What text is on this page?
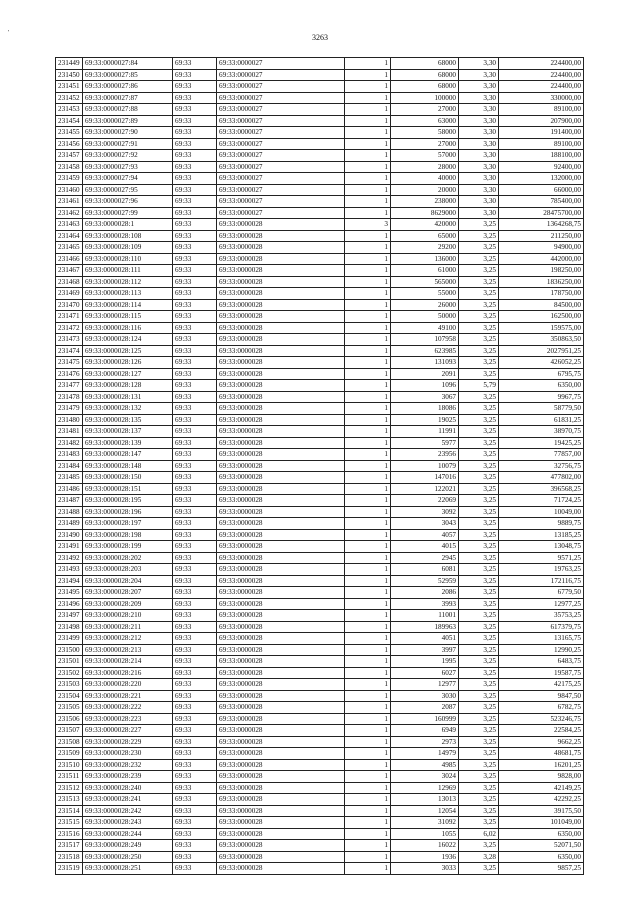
'	3263
231449	69:33:0000027:84	69:33	69:33:0000027	1	68000	3,30	224400,00
231450	69:33:0000027:85	69:33	69:33:0000027	1	68000	3,30	224400,00
231451	69:33:0000027:86	69:33	69:33:0000027	1	68000	3,30	224400,00
231452	69:33:0000027:87	69:33	69:33:0000027	1	100000	3,30	330000,00
231453	69:33:0000027:88	69:33	69:33:0000027	1	27000	3,30	89100,00
231454	69:33:0000027:89	69:33	69:33:0000027	1	63000	3,30	207900,00
231455	69:33:0000027:90	69:33	69:33:0000027	1	58000	3,30	191400,00
231456	69:33:0000027:91	69:33	69:33:0000027	1	27000	3,30	89100,00
231457	69:33:0000027:92	69:33	69:33:0000027	1	57000	3,30	188100,00
231458	69:33:0000027:93	69:33	69:33:0000027	1	28000	3,30	92400,00
231459	69:33:0000027:94	69:33	69:33:0000027	1	40000	3,30	132000,00
231460	69:33:0000027:95	69:33	69:33:0000027	1	20000	3,30	66000,00
231461	69:33:0000027:96	69:33	69:33:0000027	1	238000	3,30	785400,00
231462	69:33:0000027:99	69:33	69:33:0000027	1	8629000	3,30	28475700,00
231463	69:33:0000028:1	69:33	69:33:0000028	3	420000	3,25	1364268,75
231464	69:33:0000028:108	69:33	69:33:0000028	1	65000	3,25	211250,00
231465	69:33:0000028:109	69:33	69:33:0000028	1	29200	3,25	94900,00
231466	69:33:0000028:110	69:33	69:33:0000028	1	136000	3,25	442000,00
231467	69:33:0000028:111	69:33	69:33:0000028	1	61000	3,25	198250,00
231468	69:33:0000028:112	69:33	69:33:0000028	1	565000	3,25	1836250,00
231469	69:33:0000028:113	69:33	69:33:0000028	1	55000	3,25	178750,00
231470	69:33:0000028:114	69:33	69:33:0000028	1	26000	3,25	84500,00
231471	69:33:0000028:115	69:33	69:33:0000028	1	50000	3,25	162500,00
231472	69:33:0000028:116	69:33	69:33:0000028	1	49100	3,25	159575,00
231473	69:33:0000028:124	69:33	69:33:0000028	1	107958	3,25	350863,50
231474	69:33:0000028:125	69:33	69:33:0000028	1	623985	3,25	2027951,25
231475	69:33:0000028:126	69:33	69:33:0000028	1	131093	3,25	426052,25
231476	69:33:0000028:127	69:33	69:33:0000028	1	2091	3,25	6795,75
231477	69:33:0000028:128	69:33	69:33:0000028	1	1096	5,79	6350,00
231478	69:33:0000028:131	69:33	69:33:0000028	1	3067	3,25	9967,75
231479	69:33:0000028:132	69:33	69:33:0000028	1	18086	3,25	58779,50
231480	69:33:0000028:135	69:33	69:33:0000028	1	19025	3,25	61831,25
231481	69:33:0000028:137	69:33	69:33:0000028	1	11991	3,25	38970,75
231482	69:33:0000028:139	69:33	69:33:0000028	1	5977	3,25	19425,25
231483	69:33:0000028:147	69:33	69:33:0000028	1	23956	3,25	77857,00
231484	69:33:0000028:148	69:33	69:33:0000028	1	10079	3,25	32756,75
231485	69:33:0000028:150	69:33	69:33:0000028	1	147016	3,25	477802,00
231486	69:33:0000028:151	69:33	69:33:0000028	1	122021	3,25	396568,25
231487	69:33:0000028:195	69:33	69:33:0000028	1	22069	3,25	71724,25
231488	69:33:0000028:196	69:33	69:33:0000028	1	3092	3,25	10049,00
231489	69:33:0000028:197	69:33	69:33:0000028	1	3043	3,25	9889,75
231490	69:33:0000028:198	69:33	69:33:0000028	1	4057	3,25	13185,25
231491	69:33:0000028:199	69:33	69:33:0000028	1	4015	3,25	13048,75
231492	69:33:0000028:202	69:33	69:33:0000028	1	2945	3,25	9571,25
231493	69:33:0000028:203	69:33	69:33:0000028	1	6081	3,25	19763,25
231494	69:33:0000028:204	69:33	69:33:0000028	1	52959	3,25	172116,75
231495	69:33:0000028:207	69:33	69:33:0000028	1	2086	3,25	6779,50
231496	69:33:0000028:209	69:33	69:33:0000028	1	3993	3,25	12977,25
231497	69:33:0000028:210	69:33	69:33:0000028	1	11001	3,25	35753,25
231498	69:33:0000028:211	69:33	69:33:0000028	1	189963	3,25	617379,75
231499	69:33:0000028:212	69:33	69:33:0000028	1	4051	3,25	13165,75
231500	69:33:0000028:213	69:33	69:33:0000028	1	3997	3,25	12990,25
231501	69:33:0000028:214	69:33	69:33:0000028	1	1995	3,25	6483,75
231502	69:33:0000028:216	69:33	69:33:0000028	1	6027	3,25	19587,75
231503	69:33:0000028:220	69:33	69:33:0000028	1	12977	3,25	42175,25
231504	69:33:0000028:221	69:33	69:33:0000028	1	3030	3,25	9847,50
231505	69:33:0000028:222	69:33	69:33:0000028	1	2087	3,25	6782,75
231506	69:33:0000028:223	69:33	69:33:0000028	1	160999	3,25	523246,75
231507	69:33:0000028:227	69:33	69:33:0000028	1	6949	3,25	22584,25
231508	69:33:0000028:229	69:33	69:33:0000028	1	2973	3,25	9662,25
231509	69:33:0000028:230	69:33	69:33:0000028	1	14979	3,25	48681,75
231510	69:33:0000028:232	69:33	69:33:0000028	1	4985	3,25	16201,25
231511	69:33:0000028:239	69:33	69:33:0000028	1	3024	3,25	9828,00
231512	69:33:0000028:240	69:33	69:33:0000028	1	12969	3,25	42149,25
231513	69:33:0000028:241	69:33	69:33:0000028	1	13013	3,25	42292,25
231514	69:33:0000028:242	69:33	69:33:0000028	1	12054	3,25	39175,50
231515	69:33:0000028:243	69:33	69:33:0000028	1	31092	3,25	101049,00
231516	69:33:0000028:244	69:33	69:33:0000028	1	1055	6,02	6350,00
231517	69:33:0000028:249	69:33	69:33:0000028	1	16022	3,25	52071,50
231518	69:33:0000028:250	69:33	69:33:0000028	1	1936	3,28	6350,00
231519	69:33:0000028:251	69:33	69:33:0000028	1	3033	3,25	9857,25
